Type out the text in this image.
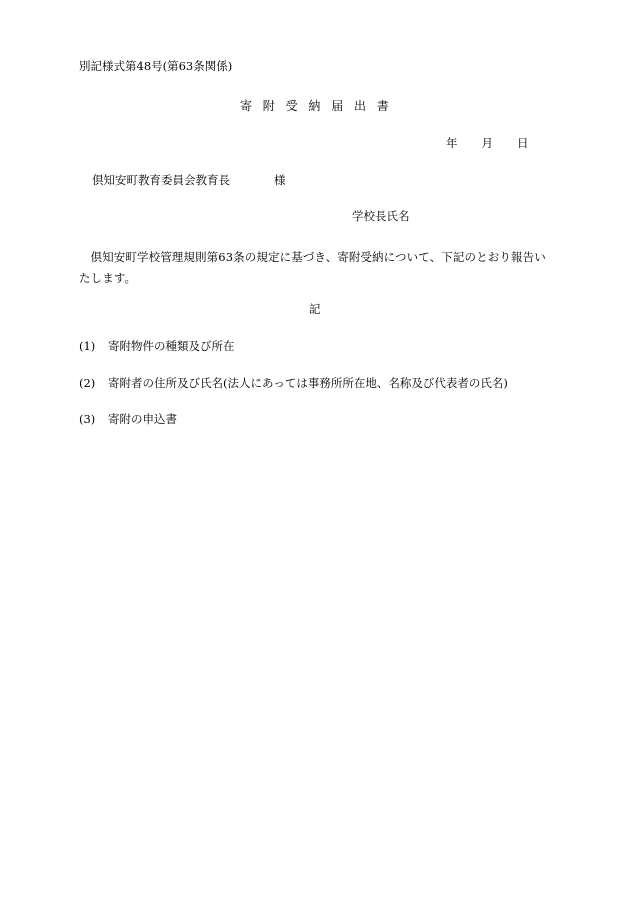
別記様式第48号(第63条関係)
寄附受納届出書
年 月 日
倶知安町教育委員会教育長	様
学校長氏名
倶知安町学校管理規則第63条の規定に基づき、寄附受納について、下記のとおり報告いたします。
記
(1) 寄附物件の種類及び所在
(2) 寄附者の住所及び氏名(法人にあっては事務所所在地、名称及び代表者の氏名)
(3) 寄附の申込書
